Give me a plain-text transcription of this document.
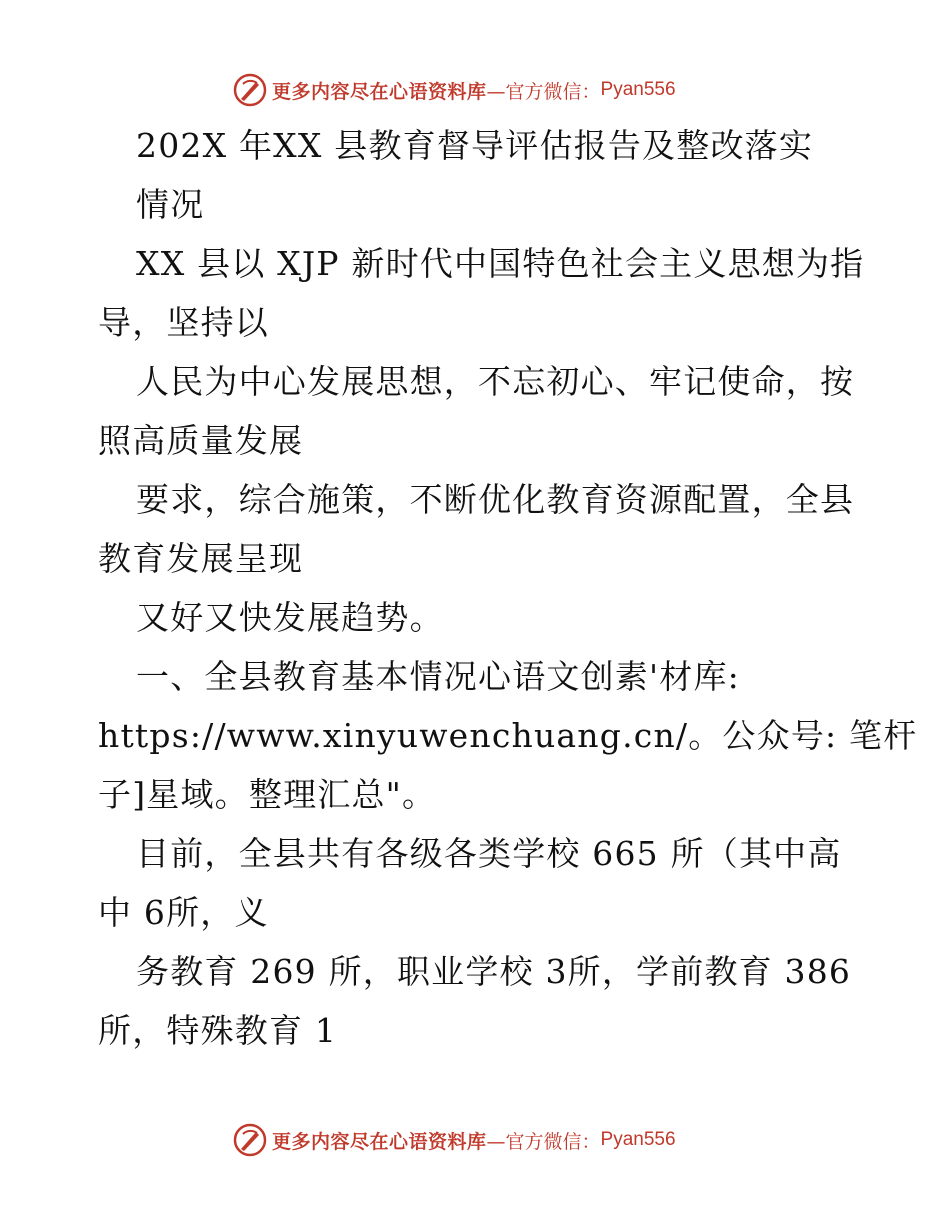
更多内容尽在心语资料库 —官方微信： Pyan556
202X 年XX 县教育督导评估报告及整改落实
情况
XX 县以 XJP 新时代中国特色社会主义思想为指
导，坚持以
人民为中心发展思想，不忘初心、牢记使命，按
照高质量发展
要求，综合施策，不断优化教育资源配置，全县
教育发展呈现
又好又快发展趋势。
一、全县教育基本情况心语文创素'材库:
https://www.xinyuwenchuang.cn/。公众号: 笔杆
子]星域。整理汇总"。
目前，全县共有各级各类学校 665 所（其中高
中 6所，义
务教育 269 所，职业学校 3所，学前教育 386
所，特殊教育 1
更多内容尽在心语资料库 —官方微信： Pyan556
